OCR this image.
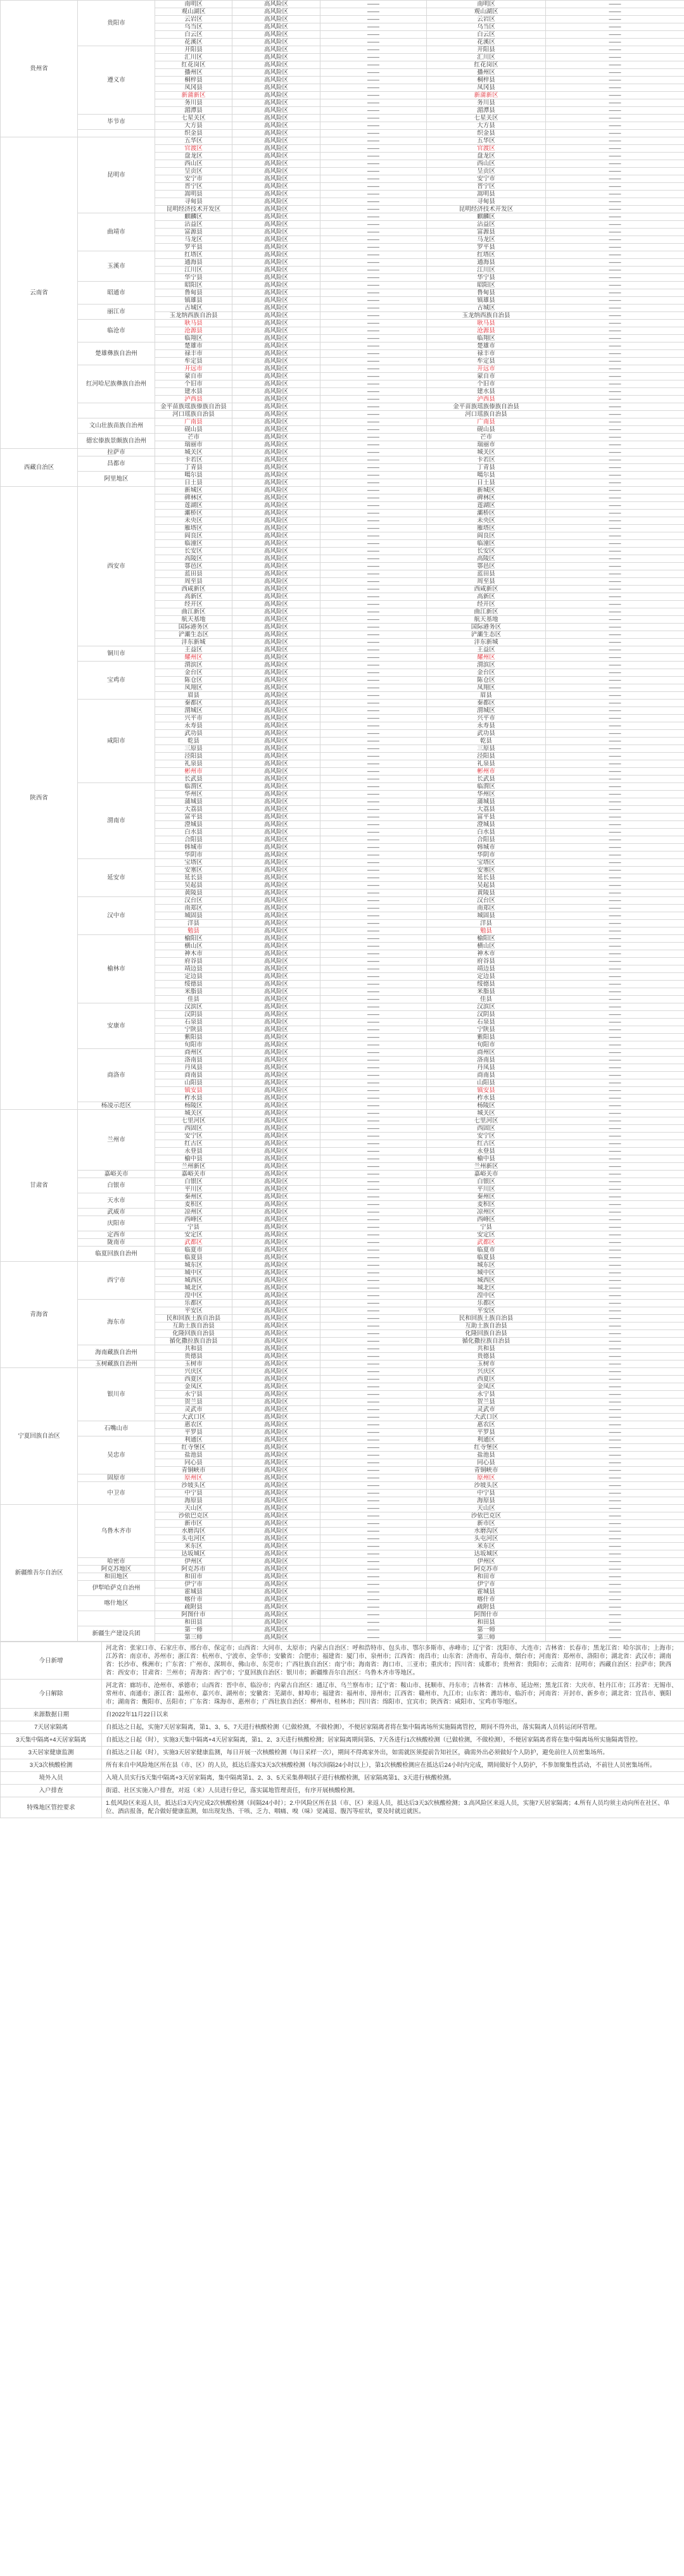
贵州省	贵阳市	南明区	高风险区	——	南明区	——
		观山湖区	高风险区	——	观山湖区	——
		云岩区	高风险区	——	云岩区	——
		乌当区	高风险区	——	乌当区	——
		白云区	高风险区	——	白云区	——
		花溪区	高风险区	——	花溪区	——
	遵义市	开阳县	高风险区	——	开阳县	——
		汇川区	高风险区	——	汇川区	——
		红花岗区	高风险区	——	红花岗区	——
		播州区	高风险区	——	播州区	——
		桐梓县	高风险区	——	桐梓县	——
		凤冈县	高风险区	——	凤冈县	——
		新蒲新区	高风险区	——	新蒲新区	——
		务川县	高风险区	——	务川县	——
		湄潭县	高风险区	——	湄潭县	——
	毕节市	七星关区	高风险区	——	七星关区	——
		大方县	高风险区	——	大方县	——
		织金县	高风险区	——	织金县	——
云南省	昆明市	五华区	高风险区	——	五华区	——
		官渡区	高风险区	——	官渡区	——
		盘龙区	高风险区	——	盘龙区	——
		西山区	高风险区	——	西山区	——
		呈贡区	高风险区	——	呈贡区	——
		安宁市	高风险区	——	安宁市	——
		晋宁区	高风险区	——	晋宁区	——
		嵩明县	高风险区	——	嵩明县	——
		寻甸县	高风险区	——	寻甸县	——
		昆明经济技术开发区	高风险区	——	昆明经济技术开发区	——
	曲靖市	麒麟区	高风险区	——	麒麟区	——
		沾益区	高风险区	——	沾益区	——
		富源县	高风险区	——	富源县	——
		马龙区	高风险区	——	马龙区	——
		罗平县	高风险区	——	罗平县	——
	玉溪市	红塔区	高风险区	——	红塔区	——
		通海县	高风险区	——	通海县	——
		江川区	高风险区	——	江川区	——
		华宁县	高风险区	——	华宁县	——
	昭通市	昭阳区	高风险区	——	昭阳区	——
		鲁甸县	高风险区	——	鲁甸县	——
		镇雄县	高风险区	——	镇雄县	——
	丽江市	古城区	高风险区	——	古城区	——
		玉龙纳西族自治县	高风险区	——	玉龙纳西族自治县	——
	临沧市	耿马县	高风险区	——	耿马县	——
		沧源县	高风险区	——	沧源县	——
		临翔区	高风险区	——	临翔区	——
	楚雄彝族自治州	楚雄市	高风险区	——	楚雄市	——
		禄丰市	高风险区	——	禄丰市	——
		牟定县	高风险区	——	牟定县	——
	红河哈尼族彝族自治州	开远市	高风险区	——	开远市	——
		蒙自市	高风险区	——	蒙自市	——
		个旧市	高风险区	——	个旧市	——
		建水县	高风险区	——	建水县	——
		泸西县	高风险区	——	泸西县	——
		金平苗族瑶族傣族自治县	高风险区	——	金平苗族瑶族傣族自治县	——
		河口瑶族自治县	高风险区	——	河口瑶族自治县	——
	文山壮族苗族自治州	广南县	高风险区	——	广南县	——
		砚山县	高风险区	——	砚山县	——
	德宏傣族景颇族自治州	芒市	高风险区	——	芒市	——
		瑞丽市	高风险区	——	瑞丽市	——
西藏自治区	拉萨市	城关区	高风险区	——	城关区	——
	昌都市	卡若区	高风险区	——	卡若区	——
		丁青县	高风险区	——	丁青县	——
	阿里地区	噶尔县	高风险区	——	噶尔县	——
		日土县	高风险区	——	日土县	——
陕西省	西安市	新城区	高风险区	——	新城区	——
		碑林区	高风险区	——	碑林区	——
		莲湖区	高风险区	——	莲湖区	——
		灞桥区	高风险区	——	灞桥区	——
		未央区	高风险区	——	未央区	——
		雁塔区	高风险区	——	雁塔区	——
		阎良区	高风险区	——	阎良区	——
		临潼区	高风险区	——	临潼区	——
		长安区	高风险区	——	长安区	——
		高陵区	高风险区	——	高陵区	——
		鄠邑区	高风险区	——	鄠邑区	——
		蓝田县	高风险区	——	蓝田县	——
		周至县	高风险区	——	周至县	——
		西咸新区	高风险区	——	西咸新区	——
		高新区	高风险区	——	高新区	——
		经开区	高风险区	——	经开区	——
		曲江新区	高风险区	——	曲江新区	——
		航天基地	高风险区	——	航天基地	——
		国际港务区	高风险区	——	国际港务区	——
		浐灞生态区	高风险区	——	浐灞生态区	——
		沣东新城	高风险区	——	沣东新城	——
	铜川市	王益区	高风险区	——	王益区	——
		耀州区	高风险区	——	耀州区	——
	宝鸡市	渭滨区	高风险区	——	渭滨区	——
		金台区	高风险区	——	金台区	——
		陈仓区	高风险区	——	陈仓区	——
		凤翔区	高风险区	——	凤翔区	——
		眉县	高风险区	——	眉县	——
	咸阳市	秦都区	高风险区	——	秦都区	——
		渭城区	高风险区	——	渭城区	——
		兴平市	高风险区	——	兴平市	——
		永寿县	高风险区	——	永寿县	——
		武功县	高风险区	——	武功县	——
		乾县	高风险区	——	乾县	——
		三原县	高风险区	——	三原县	——
		泾阳县	高风险区	——	泾阳县	——
		礼泉县	高风险区	——	礼泉县	——
		彬州市	高风险区	——	彬州市	——
		长武县	高风险区	——	长武县	——
	渭南市	临渭区	高风险区	——	临渭区	——
		华州区	高风险区	——	华州区	——
		蒲城县	高风险区	——	蒲城县	——
		大荔县	高风险区	——	大荔县	——
		富平县	高风险区	——	富平县	——
		澄城县	高风险区	——	澄城县	——
		白水县	高风险区	——	白水县	——
		合阳县	高风险区	——	合阳县	——
		韩城市	高风险区	——	韩城市	——
		华阴市	高风险区	——	华阴市	——
	延安市	宝塔区	高风险区	——	宝塔区	——
		安塞区	高风险区	——	安塞区	——
		延长县	高风险区	——	延长县	——
		吴起县	高风险区	——	吴起县	——
		黄陵县	高风险区	——	黄陵县	——
	汉中市	汉台区	高风险区	——	汉台区	——
		南郑区	高风险区	——	南郑区	——
		城固县	高风险区	——	城固县	——
		洋县	高风险区	——	洋县	——
		勉县	高风险区	——	勉县	——
	榆林市	榆阳区	高风险区	——	榆阳区	——
		横山区	高风险区	——	横山区	——
		神木市	高风险区	——	神木市	——
		府谷县	高风险区	——	府谷县	——
		靖边县	高风险区	——	靖边县	——
		定边县	高风险区	——	定边县	——
		绥德县	高风险区	——	绥德县	——
		米脂县	高风险区	——	米脂县	——
		佳县	高风险区	——	佳县	——
	安康市	汉滨区	高风险区	——	汉滨区	——
		汉阴县	高风险区	——	汉阴县	——
		石泉县	高风险区	——	石泉县	——
		宁陕县	高风险区	——	宁陕县	——
		紫阳县	高风险区	——	紫阳县	——
		旬阳市	高风险区	——	旬阳市	——
	商洛市	商州区	高风险区	——	商州区	——
		洛南县	高风险区	——	洛南县	——
		丹凤县	高风险区	——	丹凤县	——
		商南县	高风险区	——	商南县	——
		山阳县	高风险区	——	山阳县	——
		镇安县	高风险区	——	镇安县	——
		柞水县	高风险区	——	柞水县	——
	杨凌示范区	杨陵区	高风险区	——	杨陵区	——
甘肃省	兰州市	城关区	高风险区	——	城关区	——
		七里河区	高风险区	——	七里河区	——
		西固区	高风险区	——	西固区	——
		安宁区	高风险区	——	安宁区	——
		红古区	高风险区	——	红古区	——
		永登县	高风险区	——	永登县	——
		榆中县	高风险区	——	榆中县	——
		兰州新区	高风险区	——	兰州新区	——
	嘉峪关市	嘉峪关市	高风险区	——	嘉峪关市	——
	白银市	白银区	高风险区	——	白银区	——
		平川区	高风险区	——	平川区	——
	天水市	秦州区	高风险区	——	秦州区	——
		麦积区	高风险区	——	麦积区	——
	武威市	凉州区	高风险区	——	凉州区	——
	庆阳市	西峰区	高风险区	——	西峰区	——
		宁县	高风险区	——	宁县	——
	定西市	安定区	高风险区	——	安定区	——
	陇南市	武都区	高风险区	——	武都区	——
	临夏回族自治州	临夏市	高风险区	——	临夏市	——
		临夏县	高风险区	——	临夏县	——
青海省	西宁市	城东区	高风险区	——	城东区	——
		城中区	高风险区	——	城中区	——
		城西区	高风险区	——	城西区	——
		城北区	高风险区	——	城北区	——
		湟中区	高风险区	——	湟中区	——
	海东市	乐都区	高风险区	——	乐都区	——
		平安区	高风险区	——	平安区	——
		民和回族土族自治县	高风险区	——	民和回族土族自治县	——
		互助土族自治县	高风险区	——	互助土族自治县	——
		化隆回族自治县	高风险区	——	化隆回族自治县	——
		循化撒拉族自治县	高风险区	——	循化撒拉族自治县	——
	海南藏族自治州	共和县	高风险区	——	共和县	——
		贵德县	高风险区	——	贵德县	——
	玉树藏族自治州	玉树市	高风险区	——	玉树市	——
宁夏回族自治区	银川市	兴庆区	高风险区	——	兴庆区	——
		西夏区	高风险区	——	西夏区	——
		金凤区	高风险区	——	金凤区	——
		永宁县	高风险区	——	永宁县	——
		贺兰县	高风险区	——	贺兰县	——
		灵武市	高风险区	——	灵武市	——
		大武口区	高风险区	——	大武口区	——
	石嘴山市	惠农区	高风险区	——	惠农区	——
		平罗县	高风险区	——	平罗县	——
	吴忠市	利通区	高风险区	——	利通区	——
		红寺堡区	高风险区	——	红寺堡区	——
		盐池县	高风险区	——	盐池县	——
		同心县	高风险区	——	同心县	——
		青铜峡市	高风险区	——	青铜峡市	——
	固原市	原州区	高风险区	——	原州区	——
	中卫市	沙坡头区	高风险区	——	沙坡头区	——
		中宁县	高风险区	——	中宁县	——
		海原县	高风险区	——	海原县	——
新疆维吾尔自治区	乌鲁木齐市	天山区	高风险区	——	天山区	——
		沙依巴克区	高风险区	——	沙依巴克区	——
		新市区	高风险区	——	新市区	——
		水磨沟区	高风险区	——	水磨沟区	——
		头屯河区	高风险区	——	头屯河区	——
		米东区	高风险区	——	米东区	——
		达坂城区	高风险区	——	达坂城区	——
	哈密市	伊州区	高风险区	——	伊州区	——
	阿克苏地区	阿克苏市	高风险区	——	阿克苏市	——
	和田地区	和田市	高风险区	——	和田市	——
	伊犁哈萨克自治州	伊宁市	高风险区	——	伊宁市	——
		霍城县	高风险区	——	霍城县	——
	喀什地区	喀什市	高风险区	——	喀什市	——
		疏附县	高风险区	——	疏附县	——
		阿图什市	高风险区	——	阿图什市	——
		和田县	高风险区	——	和田县	——
	新疆生产建设兵团	第一师	高风险区	——	第一师	——
		第三师	高风险区	——	第三师	——
今日新增	河北省：张家口市、石家庄市、邢台市、保定市；山西省：大同市、太原市；内蒙古自治区：呼和浩特市、包头市、鄂尔多斯市、赤峰市；辽宁省：沈阳市、大连市；吉林省：长春市；黑龙江省：哈尔滨市；上海市；江苏省：南京市、苏州市；浙江省：杭州市、宁波市、金华市；安徽省：合肥市；福建省：厦门市、泉州市；江西省：南昌市；山东省：济南市、青岛市、烟台市；河南省：郑州市、洛阳市；湖北省：武汉市；湖南省：长沙市、株洲市；广东省：广州市、深圳市、佛山市、东莞市；广西壮族自治区：南宁市；海南省：海口市、三亚市；重庆市；四川省：成都市；贵州省：贵阳市；云南省：昆明市；西藏自治区：拉萨市；陕西省：西安市；甘肃省：兰州市；青海省：西宁市；宁夏回族自治区：银川市；新疆维吾尔自治区：乌鲁木齐市等地区。
今日解除	河北省：廊坊市、沧州市、承德市；山西省：晋中市、临汾市；内蒙古自治区：通辽市、乌兰察布市；辽宁省：鞍山市、抚顺市、丹东市；吉林省：吉林市、延边州；黑龙江省：大庆市、牡丹江市；江苏省：无锡市、常州市、南通市；浙江省：温州市、嘉兴市、湖州市；安徽省：芜湖市、蚌埠市；福建省：福州市、漳州市；江西省：赣州市、九江市；山东省：潍坊市、临沂市；河南省：开封市、新乡市；湖北省：宜昌市、襄阳市；湖南省：衡阳市、岳阳市；广东省：珠海市、惠州市；广西壮族自治区：柳州市、桂林市；四川省：绵阳市、宜宾市；陕西省：咸阳市、宝鸡市等地区。
来源数据日期	自2022年11月22日以来
7天居家隔离	自抵达之日起，实施7天居家隔离，第1、3、5、7天进行核酸检测（已做检测，不做检测），不便居家隔离者将在集中隔离场所实施隔离管控，期间不得外出，落实隔离人员转运闭环管理。
3天集中隔离+4天居家隔离	自抵达之日起（时），实施3天集中隔离+4天居家隔离，第1、2、3天进行核酸检测；居家隔离期间第5、7天各进行1次核酸检测（已做检测，不做检测），不便居家隔离者将在集中隔离场所实施隔离管控。
3天居家健康监测	自抵达之日起（时），实施3天居家健康监测，每日开展一次核酸检测（每日采样一次），期间不得离家外出，如需就医须提前告知社区，确需外出必须做好个人防护，避免前往人员密集场所。
3天3次核酸检测	所有来自中风险地区所在县（市、区）的人员，抵达后落实3天3次核酸检测（每次间隔24小时以上），第1次核酸检测应在抵达后24小时内完成，期间做好个人防护，不参加聚集性活动，不前往人员密集场所。
境外入员	入境人员实行5天集中隔离+3天居家隔离，集中隔离第1、2、3、5天采集鼻咽拭子进行核酸检测，居家隔离第1、3天进行核酸检测。
入户排查	街道、社区实施入户排查，对返（来）人员进行登记，落实属地管理责任，有序开展核酸检测。
特殊地区管控要求	1.低风险区来返人员，抵达后3天内完成2次核酸检测（间隔24小时）；2.中风险区所在县（市、区）来返人员，抵达后3天3次核酸检测；3.高风险区来返人员，实施7天居家隔离；4.所有人员均须主动向所在社区、单位、酒店报备，配合做好健康监测，如出现发热、干咳、乏力、咽痛、嗅（味）觉减退、腹泻等症状，要及时就近就医。
